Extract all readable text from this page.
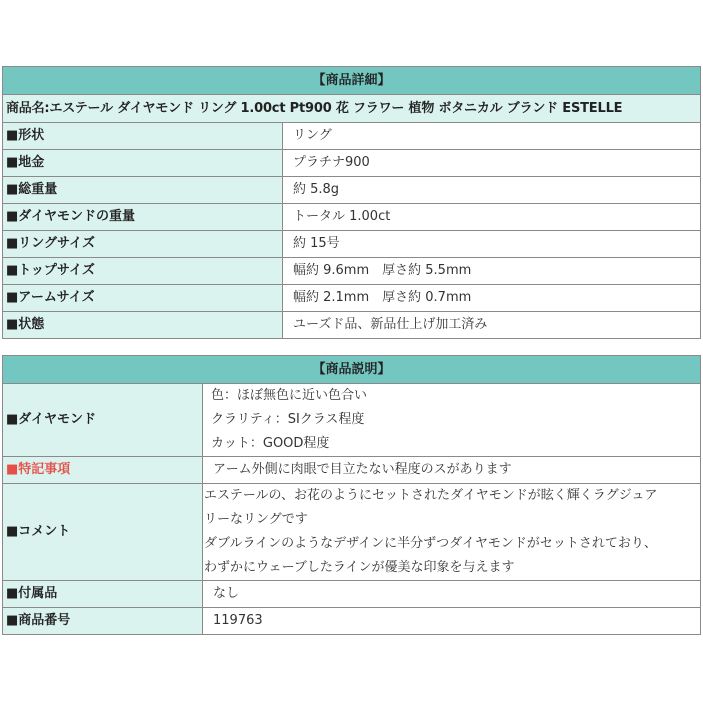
【商品詳細】	
商品名:エステール ダイヤモンド リング 1.00ct Pt900 花 フラワー 植物 ボタニカル ブランド ESTELLE	
■形状	リング
■地金	プラチナ900
■総重量	約 5.8g
■ダイヤモンドの重量	トータル 1.00ct
■リングサイズ	約 15号
■トップサイズ	幅約 9.6mm　厚さ約 5.5mm
■アームサイズ	幅約 2.1mm　厚さ約 0.7mm
■状態	ユーズド品、新品仕上げ加工済み
【商品説明】	
■ダイヤモンド	色：ほぼ無色に近い色合い
クラリティ：SIクラス程度
カット：GOOD程度

■特記事項	アーム外側に肉眼で目立たない程度のスがあります
■コメント	エステールの、お花のようにセットされたダイヤモンドが眩く輝くラグジュア
リーなリングです
ダブルラインのようなデザインに半分ずつダイヤモンドがセットされており、
わずかにウェーブしたラインが優美な印象を与えます

■付属品	なし
■商品番号	119763
